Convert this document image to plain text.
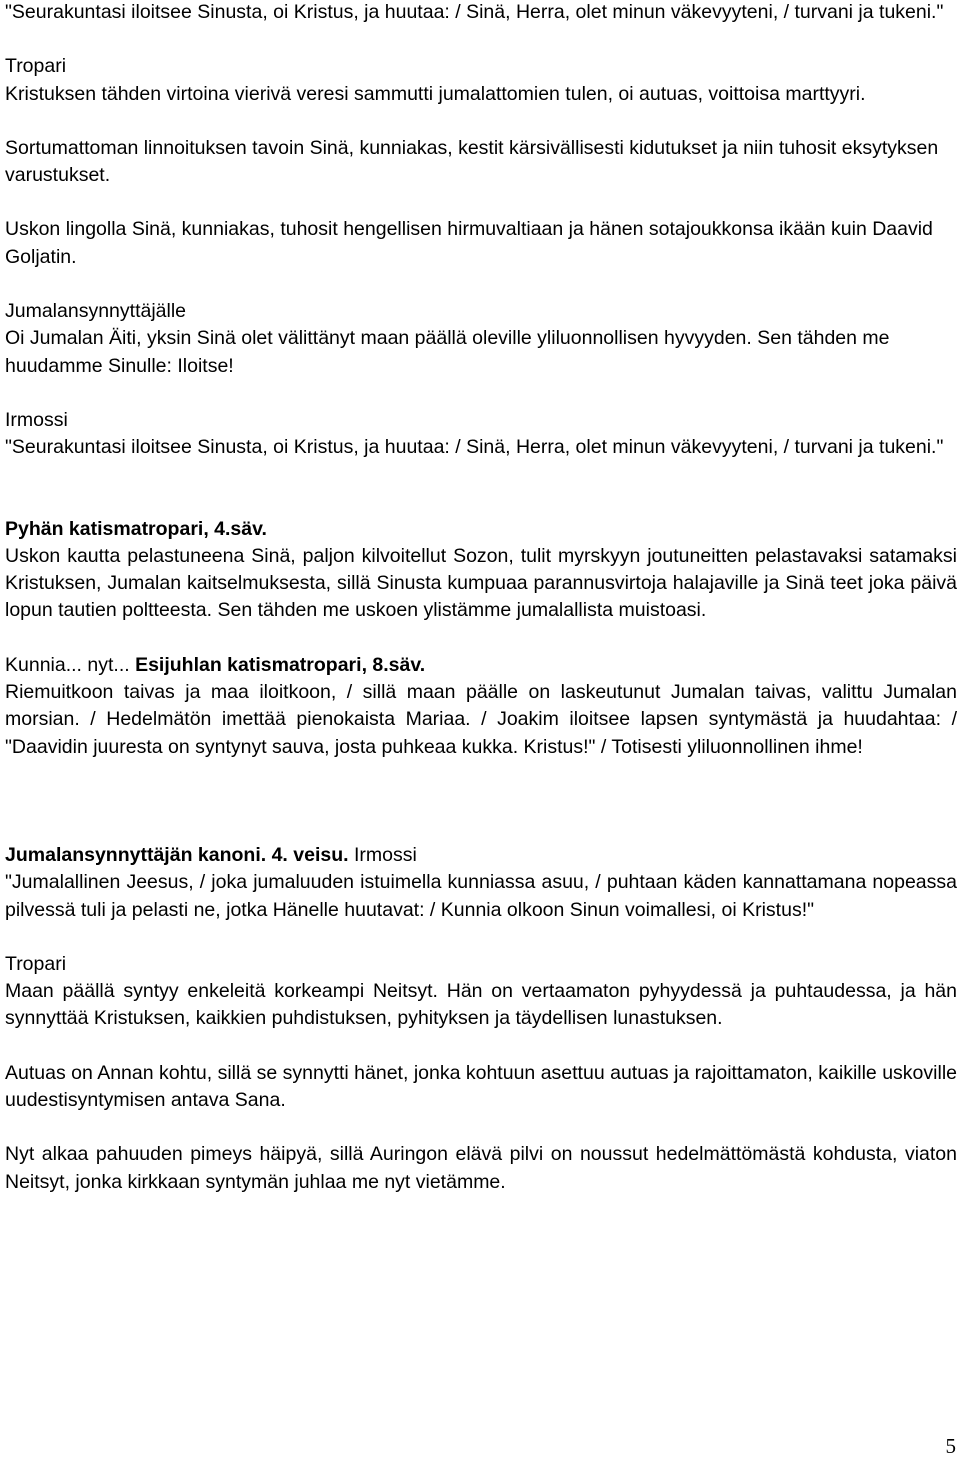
"Seurakuntasi iloitsee Sinusta, oi Kristus, ja huutaa: / Sinä, Herra, olet minun väkevyyteni, / turvani ja tukeni."

Tropari

Kristuksen tähden virtoina vierivä veresi sammutti jumalattomien tulen, oi autuas, voittoisa marttyyri.

Sortumattoman linnoituksen tavoin Sinä, kunniakas, kestit kärsivällisesti kidutukset ja niin tuhosit eksytyksen varustukset.

Uskon lingolla Sinä, kunniakas, tuhosit hengellisen hirmuvaltiaan ja hänen sotajoukkonsa ikään kuin Daavid Goljatin.

Jumalansynnyttäjälle

Oi Jumalan Äiti, yksin Sinä olet välittänyt maan päällä oleville yliluonnollisen hyvyyden. Sen tähden me huudamme Sinulle: Iloitse!

Irmossi

"Seurakuntasi iloitsee Sinusta, oi Kristus, ja huutaa: / Sinä, Herra, olet minun väkevyyteni, / turvani ja tukeni."

Pyhän katismatropari, 4.säv.

Uskon kautta pelastuneena Sinä, paljon kilvoitellut Sozon, tulit myrskyyn joutuneitten pelastavaksi satamaksi Kristuksen, Jumalan kaitselmuksesta, sillä Sinusta kumpuaa parannusvirtoja halajaville ja Sinä teet joka päivä lopun tautien poltteesta. Sen tähden me uskoen ylistämme jumalallista muistoasi.

Kunnia... nyt... Esijuhlan katismatropari, 8.säv.

Riemuitkoon taivas ja maa iloitkoon, / sillä maan päälle on laskeutunut Jumalan taivas, valittu Jumalan morsian. / Hedelmätön imettää pienokaista Mariaa. / Joakim iloitsee lapsen syntymästä ja huudahtaa: / "Daavidin juuresta on syntynyt sauva, josta puhkeaa kukka. Kristus!" / Totisesti yliluonnollinen ihme!

Jumalansynnyttäjän kanoni. 4. veisu. Irmossi

"Jumalallinen Jeesus, / joka jumaluuden istuimella kunniassa asuu, / puhtaan käden kannattamana nopeassa pilvessä tuli ja pelasti ne, jotka Hänelle huutavat: / Kunnia olkoon Sinun voimallesi, oi Kristus!"

Tropari

Maan päällä syntyy enkeleitä korkeampi Neitsyt. Hän on vertaamaton pyhyydessä ja puhtaudessa, ja hän synnyttää Kristuksen, kaikkien puhdistuksen, pyhityksen ja täydellisen lunastuksen.

Autuas on Annan kohtu, sillä se synnytti hänet, jonka kohtuun asettuu autuas ja rajoittamaton, kaikille uskoville uudestisyntymisen antava Sana.

Nyt alkaa pahuuden pimeys häipyä, sillä Auringon elävä pilvi on noussut hedelmättömästä kohdusta, viaton Neitsyt, jonka kirkkaan syntymän juhlaa me nyt vietämme.

5
